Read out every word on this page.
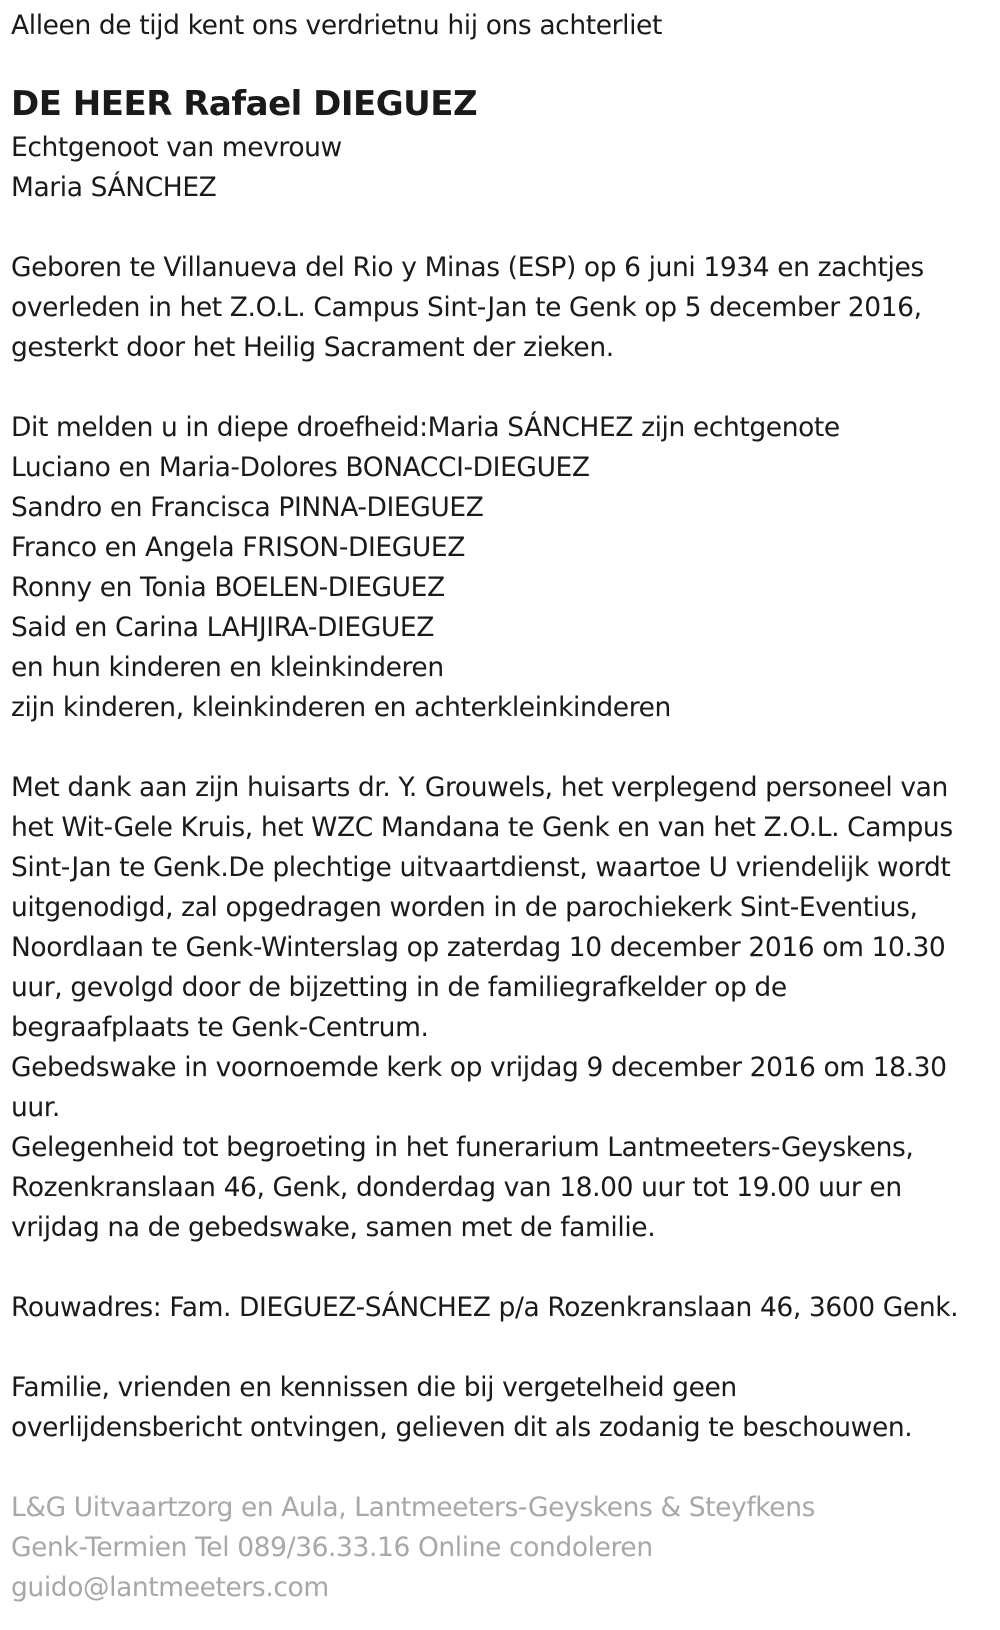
Alleen de tijd kent ons verdrietnu hij ons achterliet
DE HEER Rafael DIEGUEZ
Echtgenoot van mevrouw
Maria SÁNCHEZ
Geboren te Villanueva del Rio y Minas (ESP) op 6 juni 1934 en zachtjes
overleden in het Z.O.L. Campus Sint-Jan te Genk op 5 december 2016,
gesterkt door het Heilig Sacrament der zieken.
Dit melden u in diepe droefheid:Maria SÁNCHEZ zijn echtgenote
Luciano en Maria-Dolores BONACCI-DIEGUEZ
Sandro en Francisca PINNA-DIEGUEZ
Franco en Angela FRISON-DIEGUEZ
Ronny en Tonia BOELEN-DIEGUEZ
Said en Carina LAHJIRA-DIEGUEZ
en hun kinderen en kleinkinderen
zijn kinderen, kleinkinderen en achterkleinkinderen
Met dank aan zijn huisarts dr. Y. Grouwels, het verplegend personeel van
het Wit-Gele Kruis, het WZC Mandana te Genk en van het Z.O.L. Campus
Sint-Jan te Genk.De plechtige uitvaartdienst, waartoe U vriendelijk wordt
uitgenodigd, zal opgedragen worden in de parochiekerk Sint-Eventius,
Noordlaan te Genk-Winterslag op zaterdag 10 december 2016 om 10.30
uur, gevolgd door de bijzetting in de familiegrafkelder op de
begraafplaats te Genk-Centrum.
Gebedswake in voornoemde kerk op vrijdag 9 december 2016 om 18.30
uur.
Gelegenheid tot begroeting in het funerarium Lantmeeters-Geyskens,
Rozenkranslaan 46, Genk, donderdag van 18.00 uur tot 19.00 uur en
vrijdag na de gebedswake, samen met de familie.
Rouwadres: Fam. DIEGUEZ-SÁNCHEZ p/a Rozenkranslaan 46, 3600 Genk.
Familie, vrienden en kennissen die bij vergetelheid geen
overlijdensbericht ontvingen, gelieven dit als zodanig te beschouwen.
L&G Uitvaartzorg en Aula, Lantmeeters-Geyskens & Steyfkens
Genk-Termien Tel 089/36.33.16 Online condoleren
guido@lantmeeters.com
